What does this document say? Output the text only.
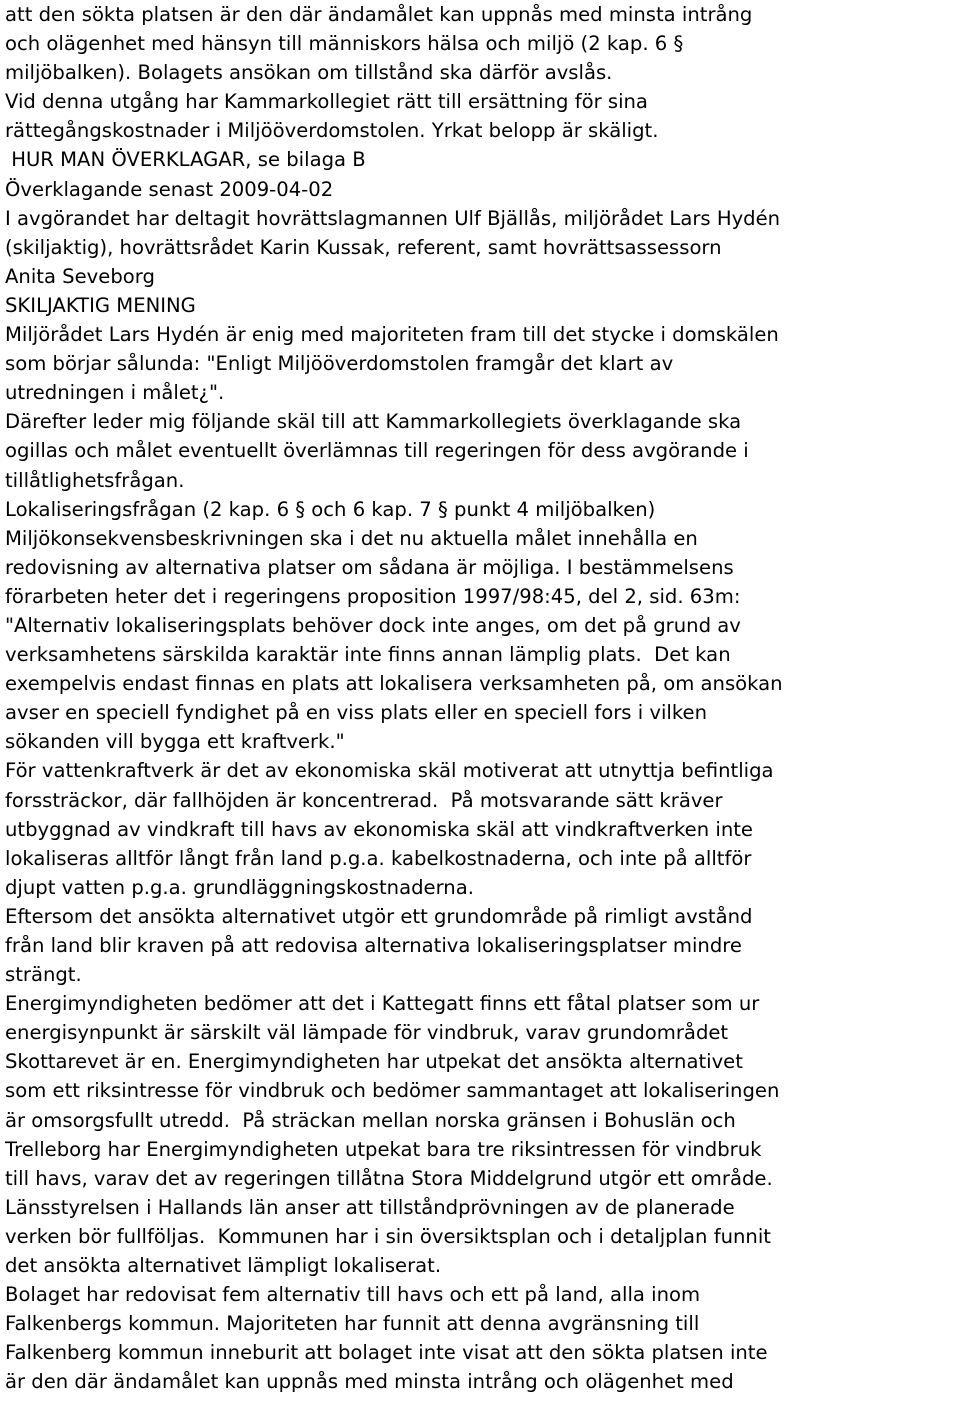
att den sökta platsen är den där ändamålet kan uppnås med minsta intrång
och olägenhet med hänsyn till människors hälsa och miljö (2 kap. 6 §
miljöbalken). Bolagets ansökan om tillstånd ska därför avslås.
Vid denna utgång har Kammarkollegiet rätt till ersättning för sina
rättegångskostnader i Miljööverdomstolen. Yrkat belopp är skäligt.
HUR MAN ÖVERKLAGAR, se bilaga B
Överklagande senast 2009-04-02
I avgörandet har deltagit hovrättslagmannen Ulf Bjällås, miljörådet Lars Hydén
(skiljaktig), hovrättsrådet Karin Kussak, referent, samt hovrättsassessorn
Anita Seveborg
SKILJAKTIG MENING
Miljörådet Lars Hydén är enig med majoriteten fram till det stycke i domskälen
som börjar sålunda: "Enligt Miljööverdomstolen framgår det klart av
utredningen i målet¿".
Därefter leder mig följande skäl till att Kammarkollegiets överklagande ska
ogillas och målet eventuellt överlämnas till regeringen för dess avgörande i
tillåtlighetsfrågan.
Lokaliseringsfrågan (2 kap. 6 § och 6 kap. 7 § punkt 4 miljöbalken)
Miljökonsekvensbeskrivningen ska i det nu aktuella målet innehålla en
redovisning av alternativa platser om sådana är möjliga. I bestämmelsens
förarbeten heter det i regeringens proposition 1997/98:45, del 2, sid. 63m:
"Alternativ lokaliseringsplats behöver dock inte anges, om det på grund av
verksamhetens särskilda karaktär inte finns annan lämplig plats.  Det kan
exempelvis endast finnas en plats att lokalisera verksamheten på, om ansökan
avser en speciell fyndighet på en viss plats eller en speciell fors i vilken
sökanden vill bygga ett kraftverk."
För vattenkraftverk är det av ekonomiska skäl motiverat att utnyttja befintliga
forssträckor, där fallhöjden är koncentrerad.  På motsvarande sätt kräver
utbyggnad av vindkraft till havs av ekonomiska skäl att vindkraftverken inte
lokaliseras alltför långt från land p.g.a. kabelkostnaderna, och inte på alltför
djupt vatten p.g.a. grundläggningskostnaderna.
Eftersom det ansökta alternativet utgör ett grundområde på rimligt avstånd
från land blir kraven på att redovisa alternativa lokaliseringsplatser mindre
strängt.
Energimyndigheten bedömer att det i Kattegatt finns ett fåtal platser som ur
energisynpunkt är särskilt väl lämpade för vindbruk, varav grundområdet
Skottarevet är en. Energimyndigheten har utpekat det ansökta alternativet
som ett riksintresse för vindbruk och bedömer sammantaget att lokaliseringen
är omsorgsfullt utredd.  På sträckan mellan norska gränsen i Bohuslän och
Trelleborg har Energimyndigheten utpekat bara tre riksintressen för vindbruk
till havs, varav det av regeringen tillåtna Stora Middelgrund utgör ett område.
Länsstyrelsen i Hallands län anser att tillståndprövningen av de planerade
verken bör fullföljas.  Kommunen har i sin översiktsplan och i detaljplan funnit
det ansökta alternativet lämpligt lokaliserat.
Bolaget har redovisat fem alternativ till havs och ett på land, alla inom
Falkenbergs kommun. Majoriteten har funnit att denna avgränsning till
Falkenberg kommun inneburit att bolaget inte visat att den sökta platsen inte
är den där ändamålet kan uppnås med minsta intrång och olägenhet med
